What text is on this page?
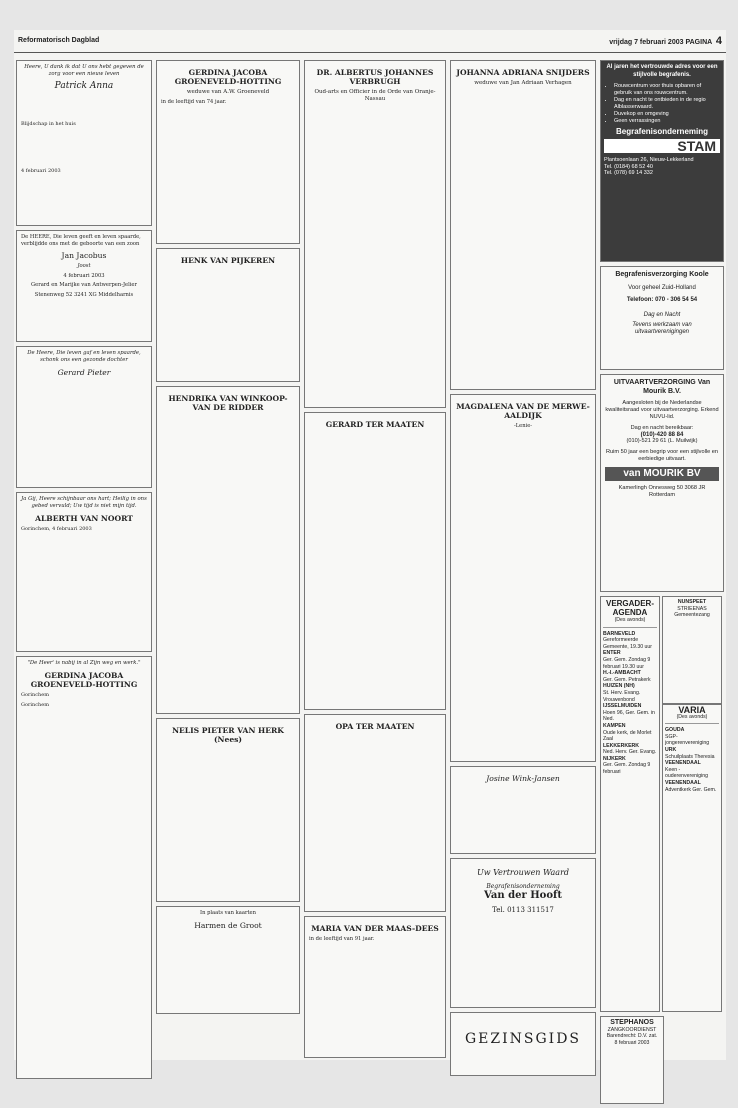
Reformatorisch Dagblad	vrijdag 7 februari 2003 PAGINA 4

Heere, U dank ik dat U ons hebt gegeven de zorg voor een nieuw leven

Patrick Anna

Blijdschap in het huis

4 februari 2003

De HEERE, Die leven geeft en leven spaarde, verblijdde ons met de geboorte van een zoon

Jan Jacobus

Joost

4 februari 2003

Gerard en Marijke van Antwerpen-Jelier

Stenenweg 52 3241 XG Middelharnis

De Heere, Die leven gaf en leven spaarde, schonk ons een gezonde dochter

Gerard Pieter

Ja Gij, Heere schijnbaar ons hart; Heilig in ons gebed vervuld; Uw tijd is niet mijn tijd.

ALBERTH VAN NOORT

Gorinchem, 4 februari 2003

"De Heer' is nabij in al Zijn weg en werk."

GERDINA JACOBA GROENEVELD-HOTTING

Gorinchem

Gorinchem

GERDINA JACOBA GROENEVELD-HOTTING

weduwe van A.W. Groeneveld

in de leeftijd van 74 jaar.

HENK VAN PIJKEREN
HENDRIKA VAN WINKOOP-VAN DE RIDDER
NELIS PIETER VAN HERK (Nees)

In plaats van kaarten

Harmen de Groot
DR. ALBERTUS JOHANNES VERBRUGH

Oud-arts en Officier in de Orde van Oranje-Nassau

GERARD TER MAATEN
OPA TER MAATEN
MARIA VAN DER MAAS-DEES

in de leeftijd van 91 jaar.

JOHANNA ADRIANA SNIJDERS

weduwe van Jan Adriaan Verhagen

MAGDALENA VAN DE MERWE-AALDIJK

-Lenie-

Josine Wink-Jansen
Uw Vertrouwen Waard
Begrafenisonderneming
Van der Hooft
Tel. 0113 311517
GEZINSGIDS
Al jaren het vertrouwde adres voor een stijlvolle begrafenis.
• Rouwcentrum voor thuis opbaren of gebruik van ons rouwcentrum.
• Dag en nacht te ontbieden in de regio Alblasserwaard.
• Duvekop en omgeving
• Geen verrassingen
Begrafenisonderneming
STAM
Plantsoenlaan 26, Nieuw-Lekkerland
Tel. (0184) 68 52 40
Tel. (078) 69 14 332
Begrafenisverzorging Koole
Voor geheel Zuid-Holland
Telefoon: 070 - 306 54 54
Dag en Nacht
Tevens werkzaam van uitvaartverenigingen
UITVAARTVERZORGING Van Mourik B.V.
Aangesloten bij de Nederlandse kwaliteitsraad voor uitvaartverzorging. Erkend NUVU-lid.
Dag en nacht bereikbaar:
(010)-420 88 84
(010)-521 29 61 (L. Muilwijk)
Ruim 50 jaar een begrip voor een stijlvolle en eerbiedige uitvaart.
van MOURIK BV
Kamerlingh Onnesweg 50 3068 JR Rotterdam
VERGADER-AGENDA
(Des avonds)
BARNEVELD
Gereformeerde Gemeente, 19.30 uur
ENTER
Ger. Gem. Zondag 9 februari 19.30 uur
H.-I.-AMBACHT
Ger. Gem. Petrakerk
HUIZEN (NH)
St. Herv. Evang. Vrouwenbond
IJSSELMUIDEN
Hoen 96, Ger. Gem. in Ned.
KAMPEN
Oude kerk, de Morlet Zaal
LEKKERKERK
Ned. Herv. Ger. Evang.
NIJKERK
Ger. Gem. Zondag 9 februari
NUNSPEET
STRIEENAS
Gemeentezang
VARIA
(Des avonds)
GOUDA
SGP-jongerenvereniging
URK
Schuilplaats Theresia
VEENENDAAL
Keen - ouderenvereniging
VEENENDAAL
Adventkerk Ger. Gem.
STEPHANOS
ZANGKOORDIENST
Barendrecht: D.V. zat. 8 februari 2003
